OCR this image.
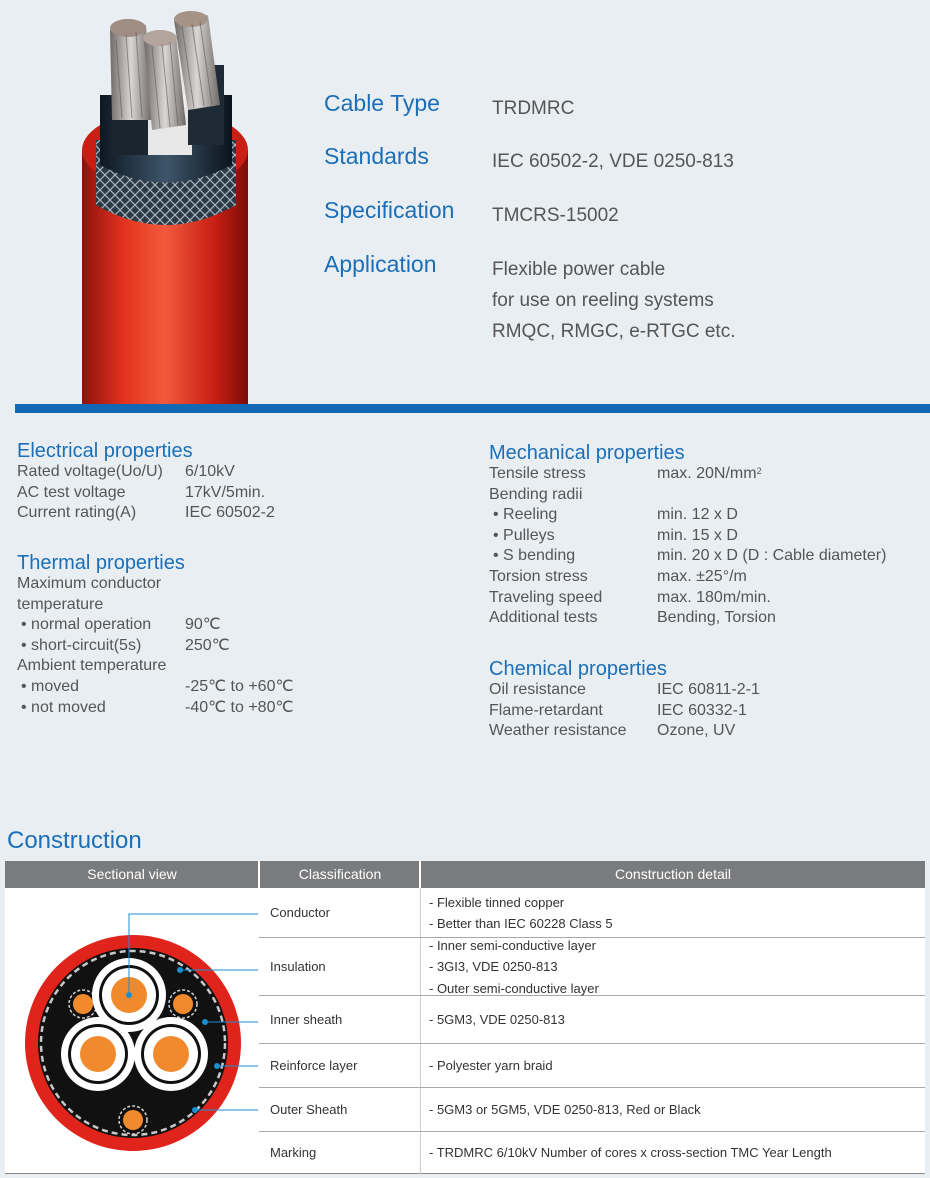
Cable Type	TRDMRC
Standards	IEC 60502-2, VDE 0250-813
Specification TMCRS-15002
Application	Flexible power cable
for use on reeling systems
RMQC, RMGC, e-RTGC etc.
Electrical properties
Rated voltage(Uo/U) 6/10kV
AC test voltage	17kV/5min.
Current rating(A)	IEC 60502-2
Thermal properties
Maximum conductor
temperature
• normal operation 90℃
• short-circuit(5s)	250℃
Ambient temperature
• moved	-25℃ to +60℃
• not moved	-40℃ to +80℃
Mechanical properties
Tensile stress	max. $20N/mm^2$
Bending radii
• Reeling	min. 12 x D
• Pulleys	min. 15 x D
• S bending	min. 20 x D (D : Cable diameter)
Torsion stress	max. ±25°/m
Traveling speed	max. 180m/min.
Additional tests	Bending, Torsion
Chemical properties
Oil resistance	IEC 60811-2-1
Flame-retardant	IEC 60332-1
Weather resistance Ozone, UV
Construction
Sectional view	Classification	Construction detail
Conductor
- Flexible tinned copper
- Better than IEC 60228 Class 5
Insulation
- Inner semi-conductive layer
- 3GI3, VDE 0250-813
- Outer semi-conductive layer
Inner sheath	- 5GM3, VDE 0250-813
Reinforce layer	- Polyester yarn braid
Outer Sheath	- 5GM3 or 5GM5, VDE 0250-813, Red or Black
Marking	- TRDMRC 6/10kV Number of cores x cross-section TMC Year Length
